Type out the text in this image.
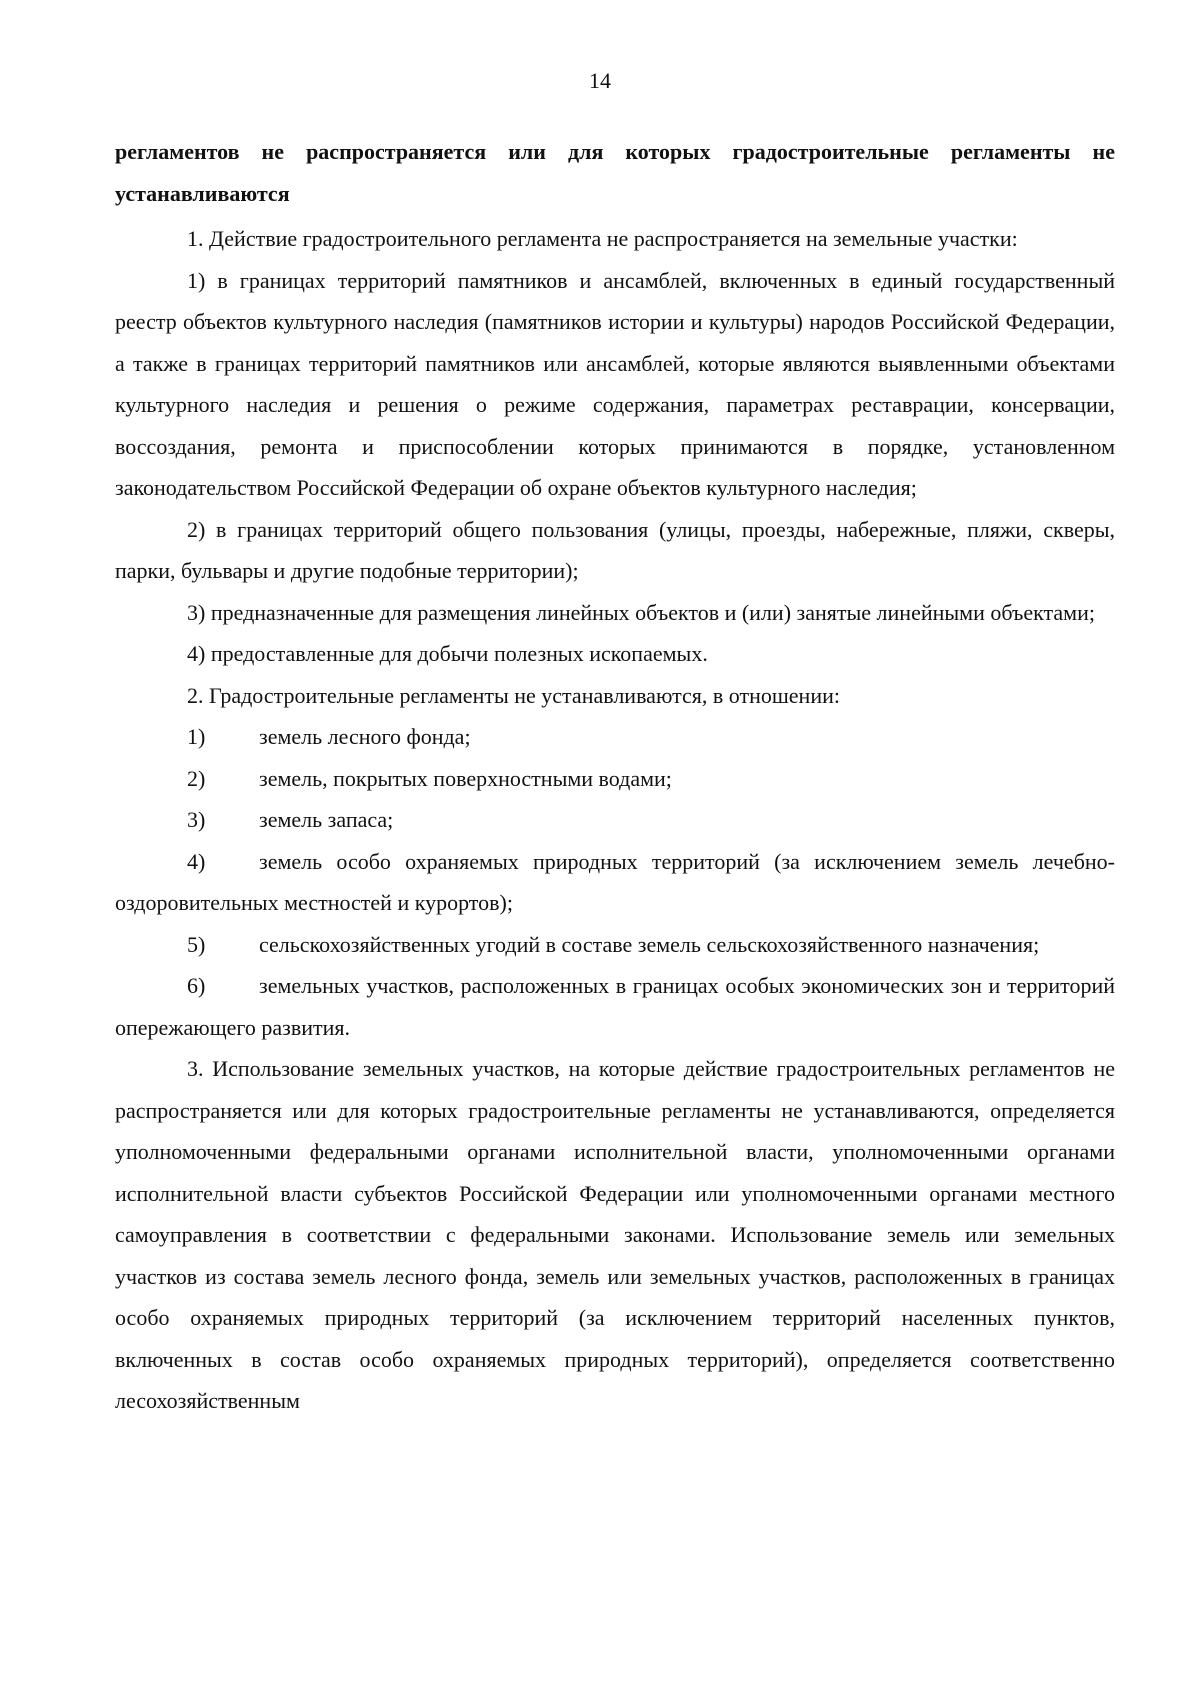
14

регламентов не распространяется или для которых градостроительные регламенты не устанавливаются

1. Действие градостроительного регламента не распространяется на земельные участки:

1) в границах территорий памятников и ансамблей, включенных в единый государственный реестр объектов культурного наследия (памятников истории и культуры) народов Российской Федерации, а также в границах территорий памятников или ансамблей, которые являются выявленными объектами культурного наследия и решения о режиме содержания, параметрах реставрации, консервации, воссоздания, ремонта и приспособлении которых принимаются в порядке, установленном законодательством Российской Федерации об охране объектов культурного наследия;

2) в границах территорий общего пользования (улицы, проезды, набережные, пляжи, скверы, парки, бульвары и другие подобные территории);

3) предназначенные для размещения линейных объектов и (или) занятые линейными объектами;

4) предоставленные для добычи полезных ископаемых.

2. Градостроительные регламенты не устанавливаются, в отношении:

1) земель лесного фонда;

2) земель, покрытых поверхностными водами;

3) земель запаса;

4) земель особо охраняемых природных территорий (за исключением земель лечебно-оздоровительных местностей и курортов);

5) сельскохозяйственных угодий в составе земель сельскохозяйственного назначения;

6) земельных участков, расположенных в границах особых экономических зон и территорий опережающего развития.

3. Использование земельных участков, на которые действие градостроительных регламентов не распространяется или для которых градостроительные регламенты не устанавливаются, определяется уполномоченными федеральными органами исполнительной власти, уполномоченными органами исполнительной власти субъектов Российской Федерации или уполномоченными органами местного самоуправления в соответствии с федеральными законами. Использование земель или земельных участков из состава земель лесного фонда, земель или земельных участков, расположенных в границах особо охраняемых природных территорий (за исключением территорий населенных пунктов, включенных в состав особо охраняемых природных территорий), определяется соответственно лесохозяйственным
